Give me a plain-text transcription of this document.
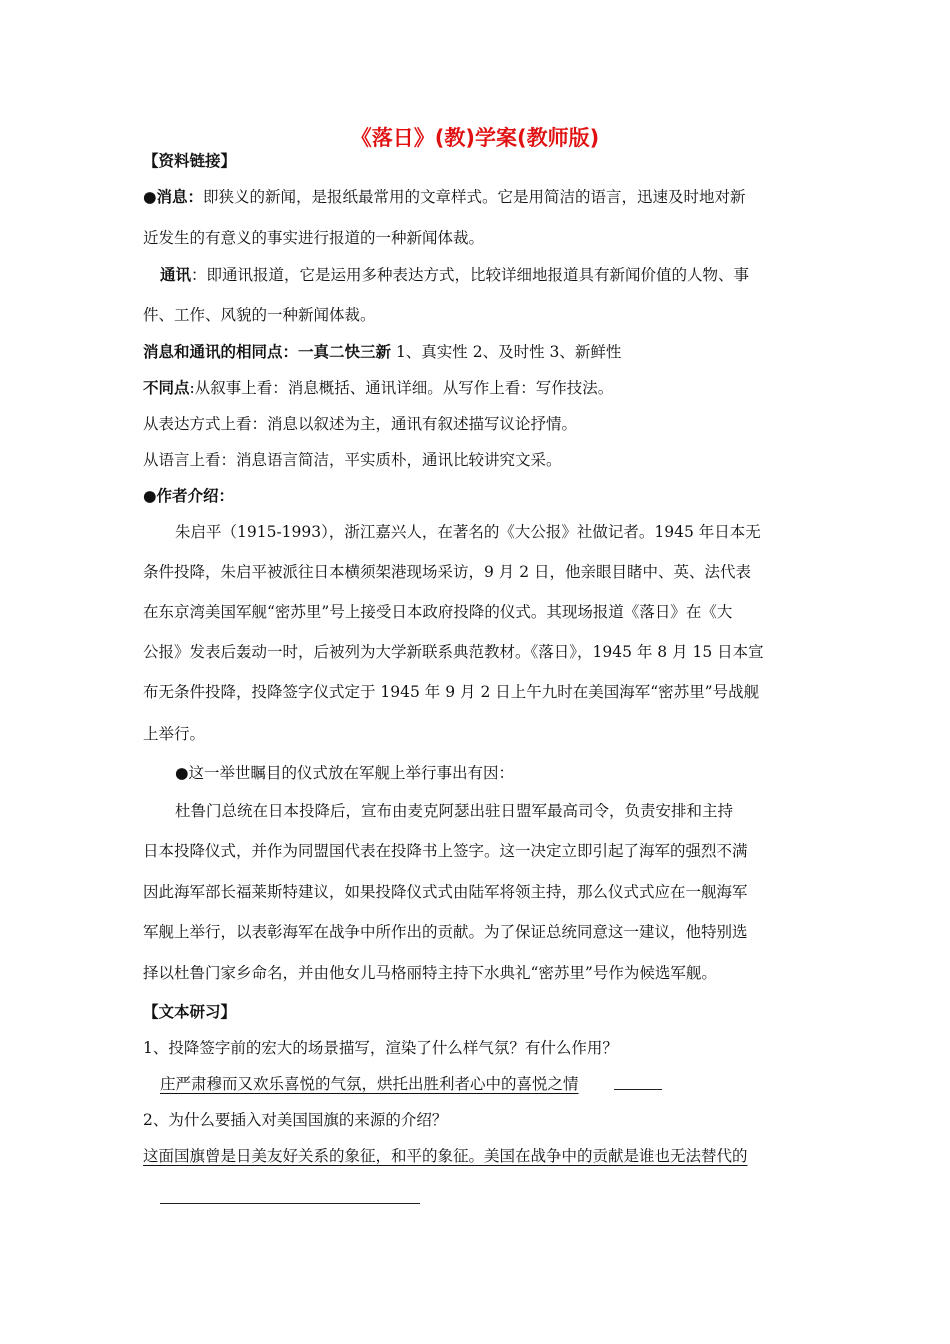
《落日》(教)学案(教师版)
【资料链接】
●消息：即狭义的新闻，是报纸最常用的文章样式。它是用简洁的语言，迅速及时地对新
近发生的有意义的事实进行报道的一种新闻体裁。
通讯：即通讯报道，它是运用多种表达方式，比较详细地报道具有新闻价值的人物、事
件、工作、风貌的一种新闻体裁。
消息和通讯的相同点：一真二快三新 1、真实性 2、及时性 3、新鲜性
不同点:从叙事上看：消息概括、通讯详细。从写作上看：写作技法。
从表达方式上看：消息以叙述为主，通讯有叙述描写议论抒情。
从语言上看：消息语言简洁，平实质朴，通讯比较讲究文采。
●作者介绍：
朱启平（1915-1993），浙江嘉兴人，在著名的《大公报》社做记者。1945 年日本无
条件投降，朱启平被派往日本横须架港现场采访，9 月 2 日，他亲眼目睹中、英、法代表
在东京湾美国军舰“密苏里”号上接受日本政府投降的仪式。其现场报道《落日》在《大
公报》发表后轰动一时，后被列为大学新联系典范教材。《落日》，1945 年 8 月 15 日本宣
布无条件投降，投降签字仪式定于 1945 年 9 月 2 日上午九时在美国海军“密苏里”号战舰
上举行。
●这一举世瞩目的仪式放在军舰上举行事出有因：
杜鲁门总统在日本投降后，宣布由麦克阿瑟出驻日盟军最高司令，负责安排和主持
日本投降仪式，并作为同盟国代表在投降书上签字。这一决定立即引起了海军的强烈不满
因此海军部长福莱斯特建议，如果投降仪式式由陆军将领主持，那么仪式式应在一舰海军
军舰上举行，以表彰海军在战争中所作出的贡献。为了保证总统同意这一建议，他特别选
择以杜鲁门家乡命名，并由他女儿马格丽特主持下水典礼“密苏里”号作为候选军舰。
【文本研习】
1、投降签字前的宏大的场景描写，渲染了什么样气氛？有什么作用？
庄严肃穆而又欢乐喜悦的气氛，烘托出胜利者心中的喜悦之情
2、为什么要插入对美国国旗的来源的介绍？
这面国旗曾是日美友好关系的象征，和平的象征。美国在战争中的贡献是谁也无法替代的
